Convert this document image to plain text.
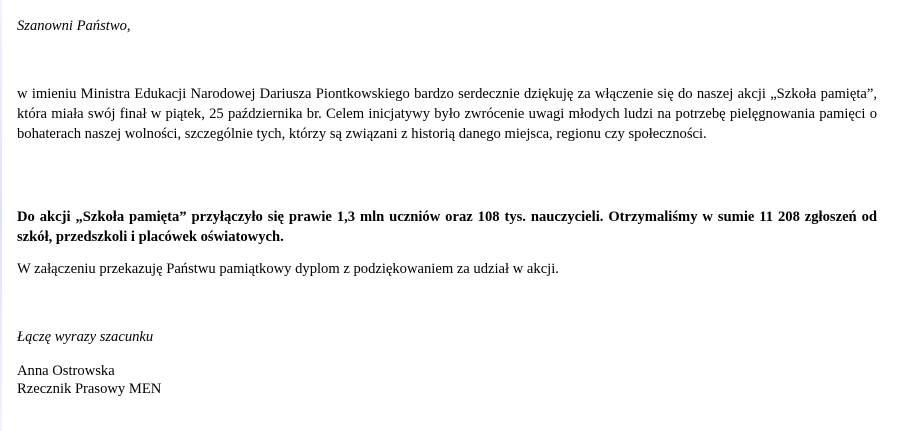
Szanowni Państwo,
w imieniu Ministra Edukacji Narodowej Dariusza Piontkowskiego bardzo serdecznie dziękuję za włączenie się do naszej akcji „Szkoła pamięta”, która miała swój finał w piątek, 25 października br. Celem inicjatywy było zwrócenie uwagi młodych ludzi na potrzebę pielęgnowania pamięci o bohaterach naszej wolności, szczególnie tych, którzy są związani z historią danego miejsca, regionu czy społeczności.
Do akcji „Szkoła pamięta” przyłączyło się prawie 1,3 mln uczniów oraz 108 tys. nauczycieli. Otrzymaliśmy w sumie 11 208 zgłoszeń od szkół, przedszkoli i placówek oświatowych.
W załączeniu przekazuję Państwu pamiątkowy dyplom z podziękowaniem za udział w akcji.
Łączę wyrazy szacunku
Anna Ostrowska
Rzecznik Prasowy MEN
